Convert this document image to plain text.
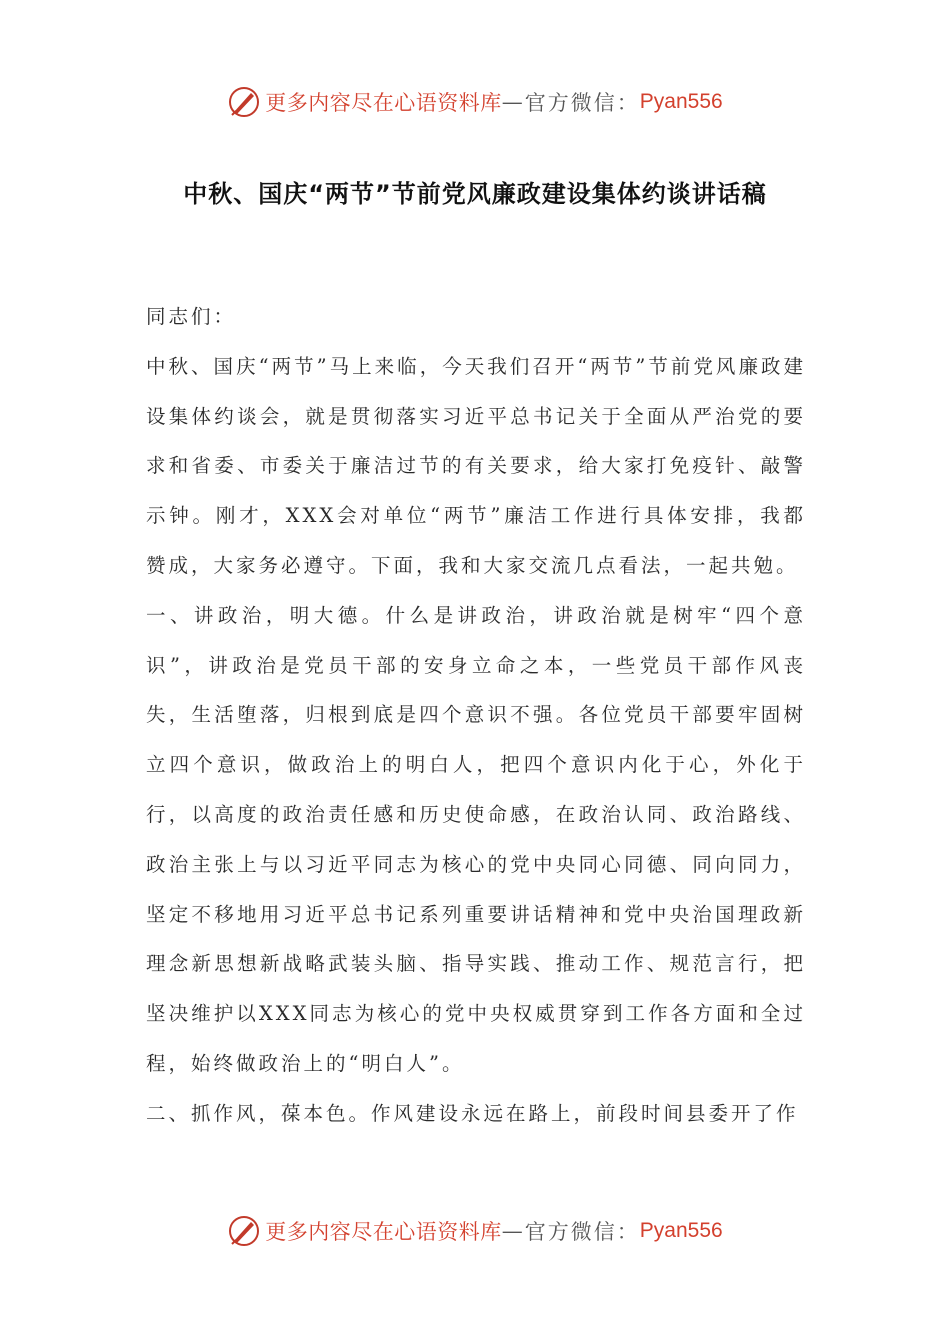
更多内容尽在心语资料库 — 官方微信： Pyan556
中秋、国庆“两节”节前党风廉政建设集体约谈讲话稿

同志们：

中秋、国庆“两节”马上来临，今天我们召开“两节”节前党风廉政建设集体约谈会，就是贯彻落实习近平总书记关于全面从严治党的要求和省委、市委关于廉洁过节的有关要求，给大家打免疫针、敲警示钟。刚才，XXX会对单位“两节”廉洁工作进行具体安排，我都赞成，大家务必遵守。下面，我和大家交流几点看法，一起共勉。

一、讲政治，明大德。什么是讲政治，讲政治就是树牢“四个意识”，讲政治是党员干部的安身立命之本，一些党员干部作风丧失，生活堕落，归根到底是四个意识不强。各位党员干部要牢固树立四个意识，做政治上的明白人，把四个意识内化于心，外化于行，以高度的政治责任感和历史使命感，在政治认同、政治路线、政治主张上与以习近平同志为核心的党中央同心同德、同向同力，坚定不移地用习近平总书记系列重要讲话精神和党中央治国理政新理念新思想新战略武装头脑、指导实践、推动工作、规范言行，把坚决维护以XXX同志为核心的党中央权威贯穿到工作各方面和全过程，始终做政治上的“明白人”。

二、抓作风，葆本色。作风建设永远在路上，前段时间县委开了作

更多内容尽在心语资料库 — 官方微信： Pyan556
